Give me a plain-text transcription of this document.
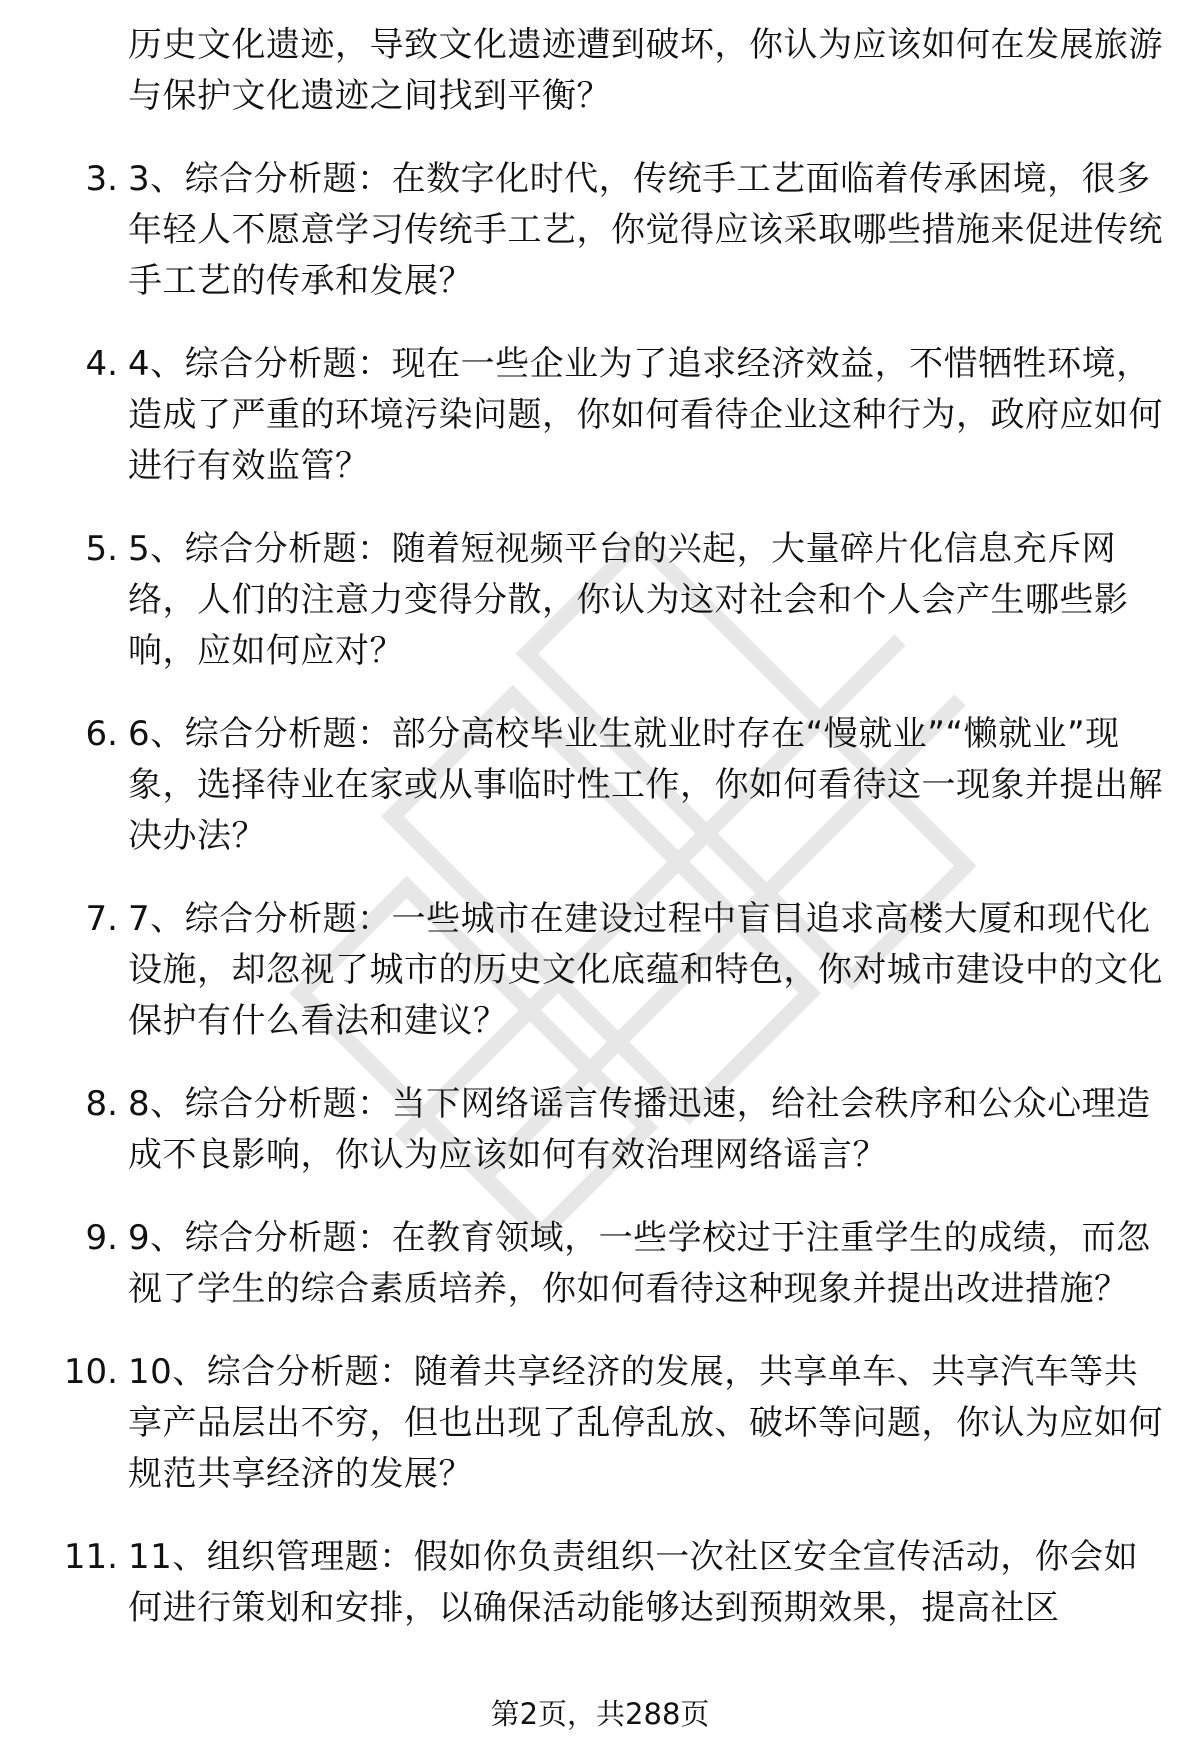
历史文化遗迹，导致文化遗迹遭到破坏，你认为应该如何在发展旅游与保护文化遗迹之间找到平衡？
3. 3、综合分析题：在数字化时代，传统手工艺面临着传承困境，很多年轻人不愿意学习传统手工艺，你觉得应该采取哪些措施来促进传统手工艺的传承和发展？
4. 4、综合分析题：现在一些企业为了追求经济效益，不惜牺牲环境，造成了严重的环境污染问题，你如何看待企业这种行为，政府应如何进行有效监管？
5. 5、综合分析题：随着短视频平台的兴起，大量碎片化信息充斥网络，人们的注意力变得分散，你认为这对社会和个人会产生哪些影响，应如何应对？
6. 6、综合分析题：部分高校毕业生就业时存在“慢就业”“懒就业”现象，选择待业在家或从事临时性工作，你如何看待这一现象并提出解决办法？
7. 7、综合分析题：一些城市在建设过程中盲目追求高楼大厦和现代化设施，却忽视了城市的历史文化底蕴和特色，你对城市建设中的文化保护有什么看法和建议？
8. 8、综合分析题：当下网络谣言传播迅速，给社会秩序和公众心理造成不良影响，你认为应该如何有效治理网络谣言？
9. 9、综合分析题：在教育领域，一些学校过于注重学生的成绩，而忽视了学生的综合素质培养，你如何看待这种现象并提出改进措施？
10. 10、综合分析题：随着共享经济的发展，共享单车、共享汽车等共享产品层出不穷，但也出现了乱停乱放、破坏等问题，你认为应如何规范共享经济的发展？
11. 11、组织管理题：假如你负责组织一次社区安全宣传活动，你会如何进行策划和安排，以确保活动能够达到预期效果，提高社区
第2页，共288页
